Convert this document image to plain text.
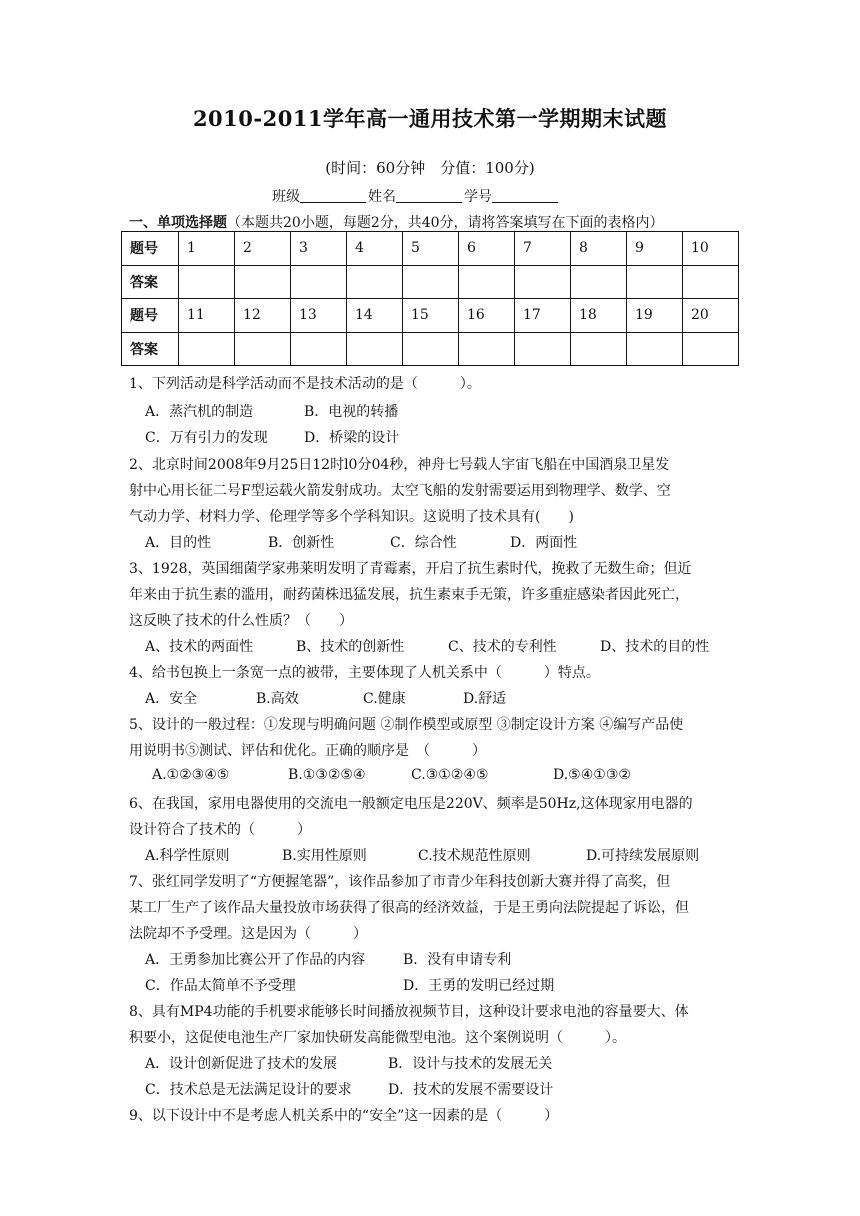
2010-2011学年高一通用技术第一学期期末试题
(时间：60分钟　分值：100分)
班级	姓名	学号
一、单项选择题（本题共20小题，每题2分，共40分，请将答案填写在下面的表格内）
题号	1	2	3	4	5	6	7	8	9	10
答案										
题号	11	12	13	14	15	16	17	18	19	20
答案										
1、下列活动是科学活动而不是技术活动的是（　　　）。
A．蒸汽机的制造	B．电视的转播
C．万有引力的发现	D．桥梁的设计
2、北京时间2008年9月25日12时l0分04秒，神舟七号载人宇宙飞船在中国酒泉卫星发
射中心用长征二号F型运载火箭发射成功。太空飞船的发射需要运用到物理学、数学、空
气动力学、材料力学、伦理学等多个学科知识。这说明了技术具有(　　)
A．目的性	B．创新性	C．综合性	D．两面性
3、1928，英国细菌学家弗莱明发明了青霉素，开启了抗生素时代，挽救了无数生命；但近
年来由于抗生素的滥用，耐药菌株迅猛发展，抗生素束手无策，许多重症感染者因此死亡，
这反映了技术的什么性质？（　　）
A、技术的两面性	B、技术的创新性	C、技术的专利性	D、技术的目的性
4、给书包换上一条宽一点的被带，主要体现了人机关系中（　　　）特点。
A．安全	B.高效	C.健康	D.舒适
5、设计的一般过程：①发现与明确问题 ②制作模型或原型 ③制定设计方案 ④编写产品使
用说明书⑤测试、评估和优化。正确的顺序是　（　　　）
A.①②③④⑤	B.①③②⑤④	C.③①②④⑤	D.⑤④①③②
6、在我国，家用电器使用的交流电一般额定电压是220V、频率是50Hz,这体现家用电器的
设计符合了技术的（　　　）
A.科学性原则	B.实用性原则	C.技术规范性原则	D.可持续发展原则
7、张红同学发明了“方便握笔器”，该作品参加了市青少年科技创新大赛并得了高奖，但
某工厂生产了该作品大量投放市场获得了很高的经济效益，于是王勇向法院提起了诉讼，但
法院却不予受理。这是因为（　　　）
A．王勇参加比赛公开了作品的内容	B．没有申请专利
C．作品太简单不予受理	D．王勇的发明已经过期
8、具有MP4功能的手机要求能够长时间播放视频节目，这种设计要求电池的容量要大、体
积要小，这促使电池生产厂家加快研发高能微型电池。这个案例说明（　　　）。
A．设计创新促进了技术的发展	B．设计与技术的发展无关
C．技术总是无法满足设计的要求	D．技术的发展不需要设计
9、以下设计中不是考虑人机关系中的“安全”这一因素的是（　　　）
